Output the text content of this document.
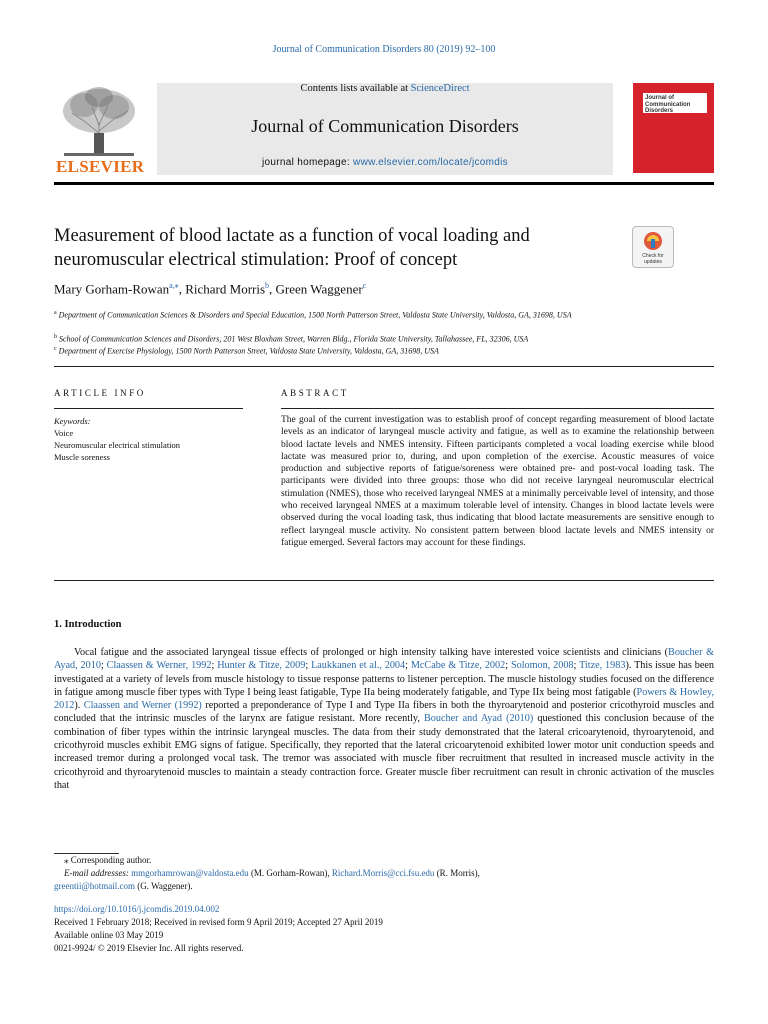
Journal of Communication Disorders 80 (2019) 92–100
ELSEVIER
Contents lists available at ScienceDirect
Journal of Communication Disorders
journal homepage: www.elsevier.com/locate/jcomdis
Journal of Communication Disorders
Measurement of blood lactate as a function of vocal loading and neuromuscular electrical stimulation: Proof of concept	Check for updates
Mary Gorham-Rowan$^{a,⁎}$, Richard Morris$^b$, Green Waggener$^c$
$^a$ Department of Communication Sciences & Disorders and Special Education, 1500 North Patterson Street, Valdosta State University, Valdosta, GA, 31698, USA
$^b$ School of Communication Sciences and Disorders, 201 West Bloxham Street, Warren Bldg., Florida State University, Tallahassee, FL, 32306, USA
$^c$ Department of Exercise Physiology, 1500 North Patterson Street, Valdosta State University, Valdosta, GA, 31698, USA
ARTICLE INFO
Keywords:
Voice
Neuromuscular electrical stimulation
Muscle soreness
ABSTRACT
The goal of the current investigation was to establish proof of concept regarding measurement of blood lactate levels as an indicator of laryngeal muscle activity and fatigue, as well as to examine the relationship between blood lactate levels and NMES intensity. Fifteen participants completed a vocal loading exercise while blood lactate was measured prior to, during, and upon completion of the exercise. Acoustic measures of voice production and subjective reports of fatigue/soreness were obtained pre- and post-vocal loading task. The participants were divided into three groups: those who did not receive laryngeal neuromuscular electrical stimulation (NMES), those who received laryngeal NMES at a minimally perceivable level of intensity, and those who received laryngeal NMES at a maximum tolerable level of intensity. Changes in blood lactate levels were observed during the vocal loading task, thus indicating that blood lactate measurements are sensitive enough to reflect laryngeal muscle activity. No consistent pattern between blood lactate levels and NMES intensity or fatigue emerged. Several factors may account for these findings.
1. Introduction
Vocal fatigue and the associated laryngeal tissue effects of prolonged or high intensity talking have interested voice scientists and clinicians (Boucher & Ayad, 2010; Claassen & Werner, 1992; Hunter & Titze, 2009; Laukkanen et al., 2004; McCabe & Titze, 2002; Solomon, 2008; Titze, 1983). This issue has been investigated at a variety of levels from muscle histology to tissue response patterns to listener perception. The muscle histology studies focused on the difference in fatigue among muscle fiber types with Type I being least fatigable, Type IIa being moderately fatigable, and Type IIx being most fatigable (Powers & Howley, 2012). Claassen and Werner (1992) reported a preponderance of Type I and Type IIa fibers in both the thyroarytenoid and posterior cricothyroid muscles and concluded that the intrinsic muscles of the larynx are fatigue resistant. More recently, Boucher and Ayad (2010) questioned this conclusion because of the combination of fiber types within the intrinsic laryngeal muscles. The data from their study demonstrated that the lateral cricoarytenoid, thyroarytenoid, and cricothyroid muscles exhibit EMG signs of fatigue. Specifically, they reported that the lateral cricoarytenoid exhibited lower motor unit conduction speeds and increased tremor during a prolonged vocal task. The tremor was associated with muscle fiber recruitment that resulted in increased muscle activity in the cricothyroid and thyroarytenoid muscles to maintain a steady contraction force. Greater muscle fiber recruitment can result in chronic activation of the muscles that
⁎ Corresponding author.
E-mail addresses: mmgorhamrowan@valdosta.edu (M. Gorham-Rowan), Richard.Morris@cci.fsu.edu (R. Morris),
greentii@hotmail.com (G. Waggener).
https://doi.org/10.1016/j.jcomdis.2019.04.002
Received 1 February 2018; Received in revised form 9 April 2019; Accepted 27 April 2019
Available online 03 May 2019
0021-9924/ © 2019 Elsevier Inc. All rights reserved.
